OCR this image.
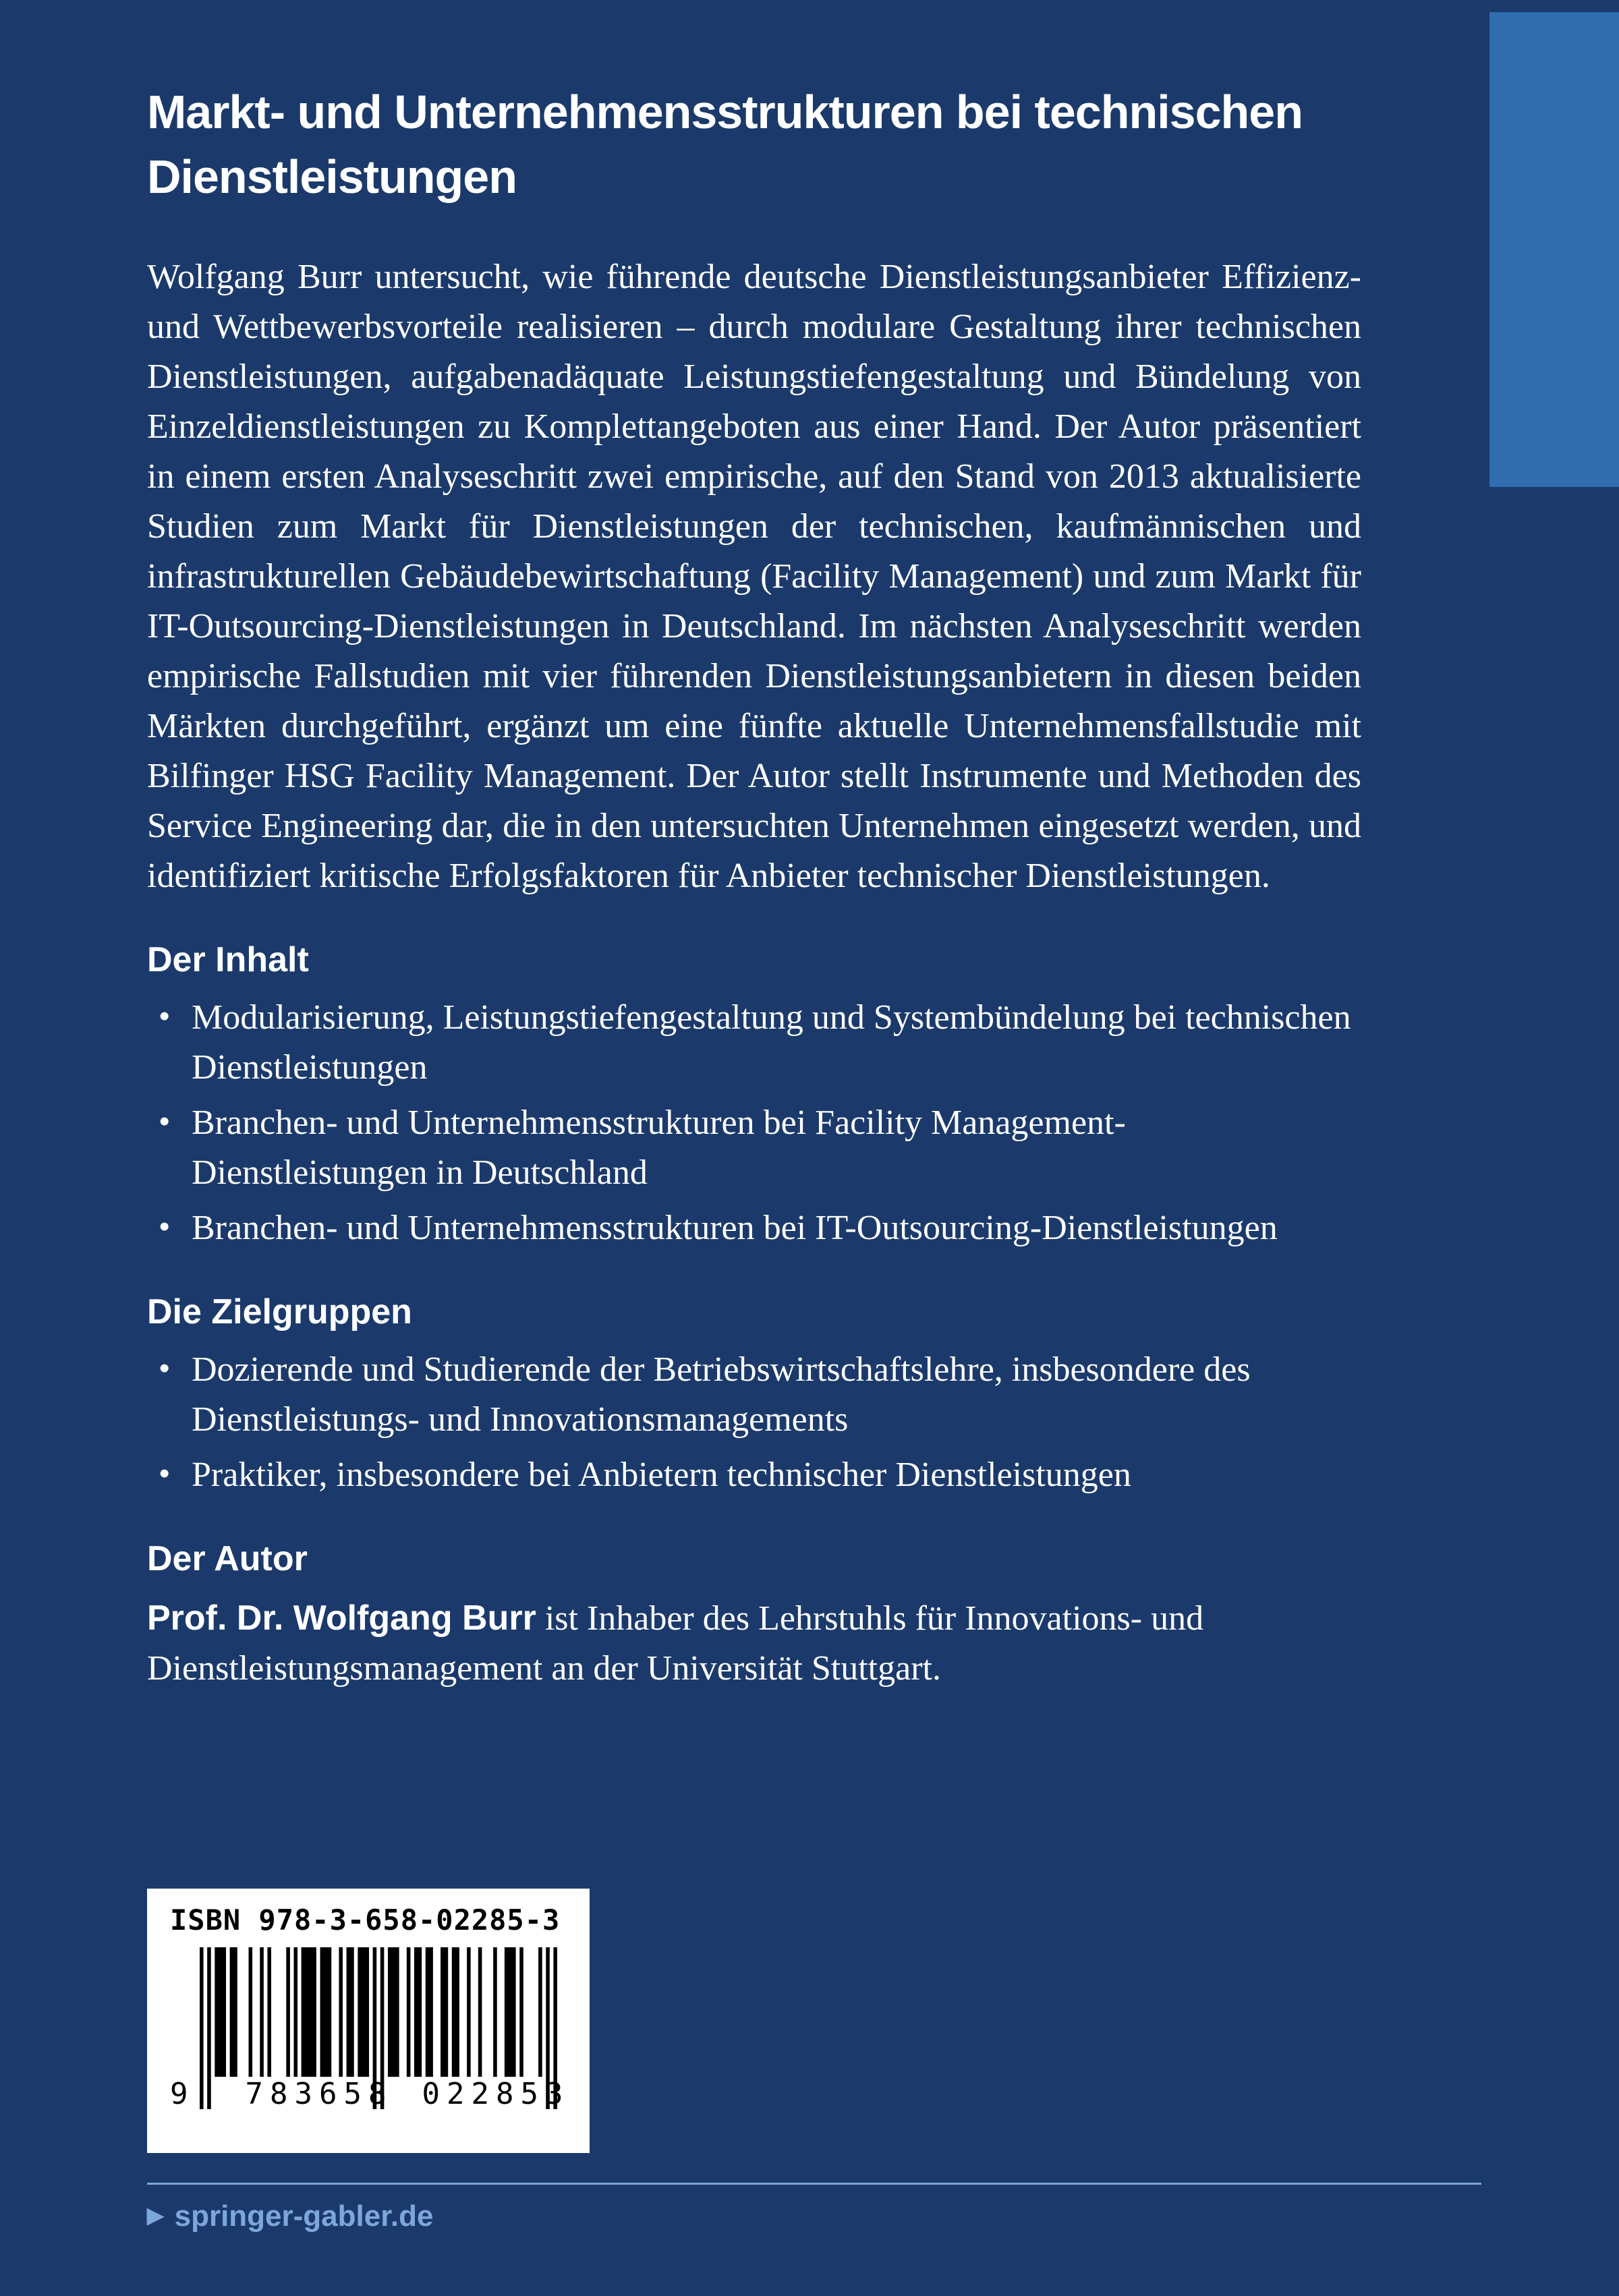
Markt- und Unternehmensstrukturen bei technischen
Dienstleistungen
Wolfgang Burr untersucht, wie führende deutsche Dienstleistungsanbieter Effizienz- und Wettbewerbsvorteile realisieren – durch modulare Gestaltung ihrer technischen Dienstleistungen, aufgabenadäquate Leistungstiefengestaltung und Bündelung von Einzeldienstleistungen zu Komplettangeboten aus einer Hand. Der Autor präsentiert in einem ersten Analyseschritt zwei empirische, auf den Stand von 2013 aktualisierte Studien zum Markt für Dienstleistungen der technischen, kaufmännischen und infrastrukturellen Gebäudebewirtschaftung (Facility Management) und zum Markt für IT-Outsourcing-Dienstleistungen in Deutschland. Im nächsten Analyseschritt werden empirische Fallstudien mit vier führenden Dienstleistungsanbietern in diesen beiden Märkten durchgeführt, ergänzt um eine fünfte aktuelle Unternehmensfallstudie mit Bilfinger HSG Facility Management. Der Autor stellt Instrumente und Methoden des Service Engineering dar, die in den untersuchten Unternehmen eingesetzt werden, und identifiziert kritische Erfolgsfaktoren für Anbieter technischer Dienstleistungen.
Der Inhalt
• Modularisierung, Leistungstiefengestaltung und Systembündelung bei technischen Dienstleistungen
• Branchen- und Unternehmensstrukturen bei Facility Management-Dienstleistungen in Deutschland
• Branchen- und Unternehmensstrukturen bei IT-Outsourcing-Dienstleistungen
Die Zielgruppen
• Dozierende und Studierende der Betriebswirtschaftslehre, insbesondere des Dienstleistungs- und Innovationsmanagements
• Praktiker, insbesondere bei Anbietern technischer Dienstleistungen
Der Autor
Prof. Dr. Wolfgang Burr ist Inhaber des Lehrstuhls für Innovations- und Dienstleistungsmanagement an der Universität Stuttgart.
ISBN 978-3-658-02285-3
9 783658 022853
▶ springer-gabler.de
